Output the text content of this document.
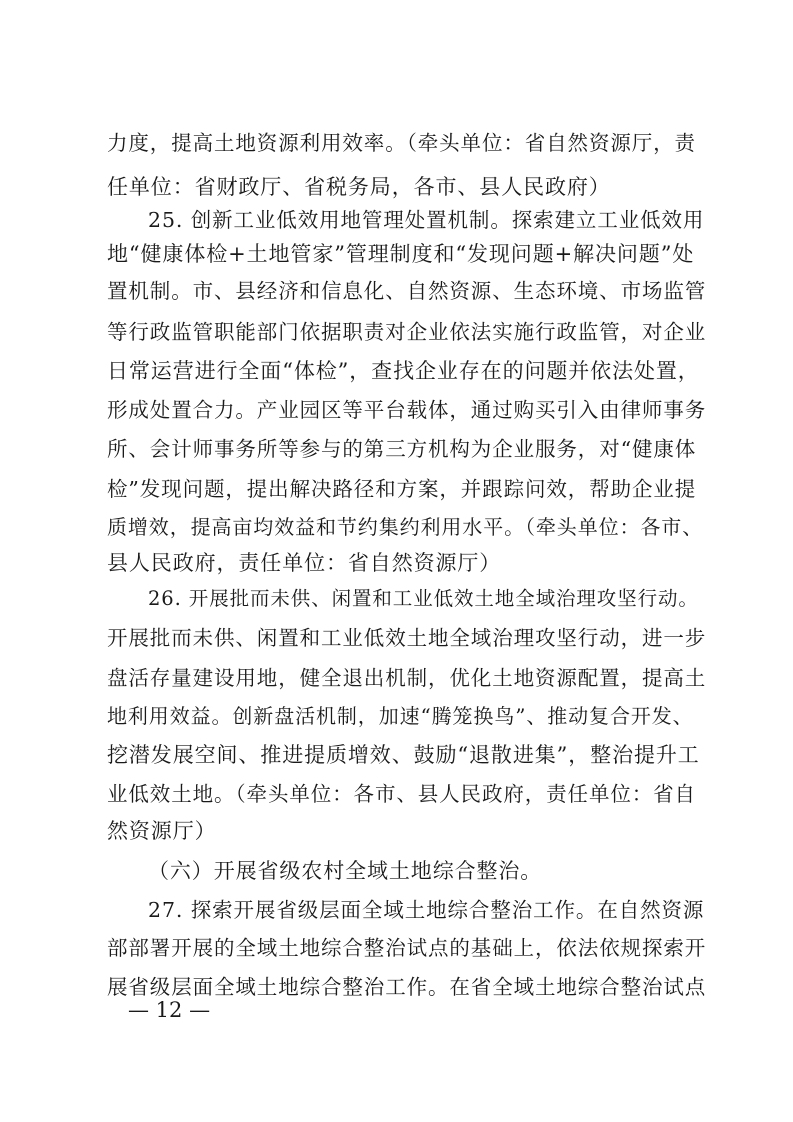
力度，提高土地资源利用效率。（牵头单位：省自然资源厅，责
任单位：省财政厅、省税务局，各市、县人民政府）
25. 创新工业低效用地管理处置机制。探索建立工业低效用
地“健康体检+土地管家”管理制度和“发现问题+解决问题”处
置机制。市、县经济和信息化、自然资源、生态环境、市场监管
等行政监管职能部门依据职责对企业依法实施行政监管，对企业
日常运营进行全面“体检”，查找企业存在的问题并依法处置，
形成处置合力。产业园区等平台载体，通过购买引入由律师事务
所、会计师事务所等参与的第三方机构为企业服务，对“健康体
检”发现问题，提出解决路径和方案，并跟踪问效，帮助企业提
质增效，提高亩均效益和节约集约利用水平。（牵头单位：各市、
县人民政府，责任单位：省自然资源厅）
26. 开展批而未供、闲置和工业低效土地全域治理攻坚行动。
开展批而未供、闲置和工业低效土地全域治理攻坚行动，进一步
盘活存量建设用地，健全退出机制，优化土地资源配置，提高土
地利用效益。创新盘活机制，加速“腾笼换鸟”、推动复合开发、
挖潜发展空间、推进提质增效、鼓励“退散进集”，整治提升工
业低效土地。（牵头单位：各市、县人民政府，责任单位：省自
然资源厅）
（六）开展省级农村全域土地综合整治。
27. 探索开展省级层面全域土地综合整治工作。在自然资源
部部署开展的全域土地综合整治试点的基础上，依法依规探索开
展省级层面全域土地综合整治工作。在省全域土地综合整治试点
— 12 —
